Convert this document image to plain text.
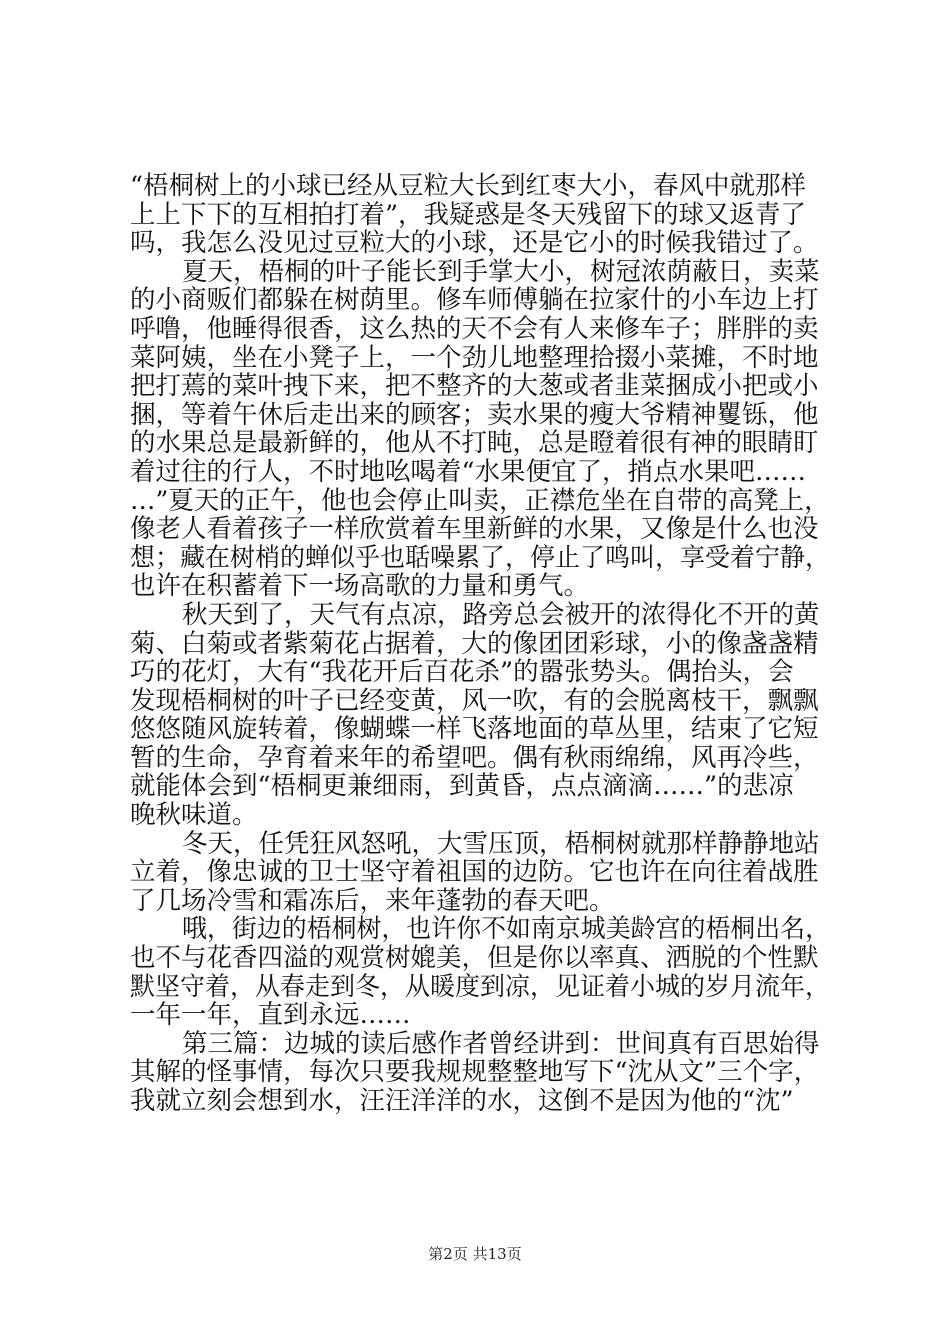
“梧桐树上的小球已经从豆粒大长到红枣大小，春风中就那样
上上下下的互相拍打着”，我疑惑是冬天残留下的球又返青了
吗，我怎么没见过豆粒大的小球，还是它小的时候我错过了。
夏天，梧桐的叶子能长到手掌大小，树冠浓荫蔽日，卖菜
的小商贩们都躲在树荫里。修车师傅躺在拉家什的小车边上打
呼噜，他睡得很香，这么热的天不会有人来修车子；胖胖的卖
菜阿姨，坐在小凳子上，一个劲儿地整理拾掇小菜摊，不时地
把打蔫的菜叶拽下来，把不整齐的大葱或者韭菜捆成小把或小
捆，等着午休后走出来的顾客；卖水果的瘦大爷精神矍铄，他
的水果总是最新鲜的，他从不打盹，总是瞪着很有神的眼睛盯
着过往的行人，不时地吆喝着“水果便宜了，捎点水果吧……
…”夏天的正午，他也会停止叫卖，正襟危坐在自带的高凳上，
像老人看着孩子一样欣赏着车里新鲜的水果，又像是什么也没
想；藏在树梢的蝉似乎也聒噪累了，停止了鸣叫，享受着宁静，
也许在积蓄着下一场高歌的力量和勇气。
秋天到了，天气有点凉，路旁总会被开的浓得化不开的黄
菊、白菊或者紫菊花占据着，大的像团团彩球，小的像盏盏精
巧的花灯，大有“我花开后百花杀”的嚣张势头。偶抬头，会
发现梧桐树的叶子已经变黄，风一吹，有的会脱离枝干，飘飘
悠悠随风旋转着，像蝴蝶一样飞落地面的草丛里，结束了它短
暂的生命，孕育着来年的希望吧。偶有秋雨绵绵，风再冷些，
就能体会到“梧桐更兼细雨，到黄昏，点点滴滴……”的悲凉
晚秋味道。
冬天，任凭狂风怒吼，大雪压顶，梧桐树就那样静静地站
立着，像忠诚的卫士坚守着祖国的边防。它也许在向往着战胜
了几场冷雪和霜冻后，来年蓬勃的春天吧。
哦，街边的梧桐树，也许你不如南京城美龄宫的梧桐出名，
也不与花香四溢的观赏树媲美，但是你以率真、洒脱的个性默
默坚守着，从春走到冬，从暖度到凉，见证着小城的岁月流年，
一年一年，直到永远……
第三篇：边城的读后感作者曾经讲到：世间真有百思始得
其解的怪事情，每次只要我规规整整地写下“沈从文”三个字，
我就立刻会想到水，汪汪洋洋的水，这倒不是因为他的“沈”
第2页 共13页
